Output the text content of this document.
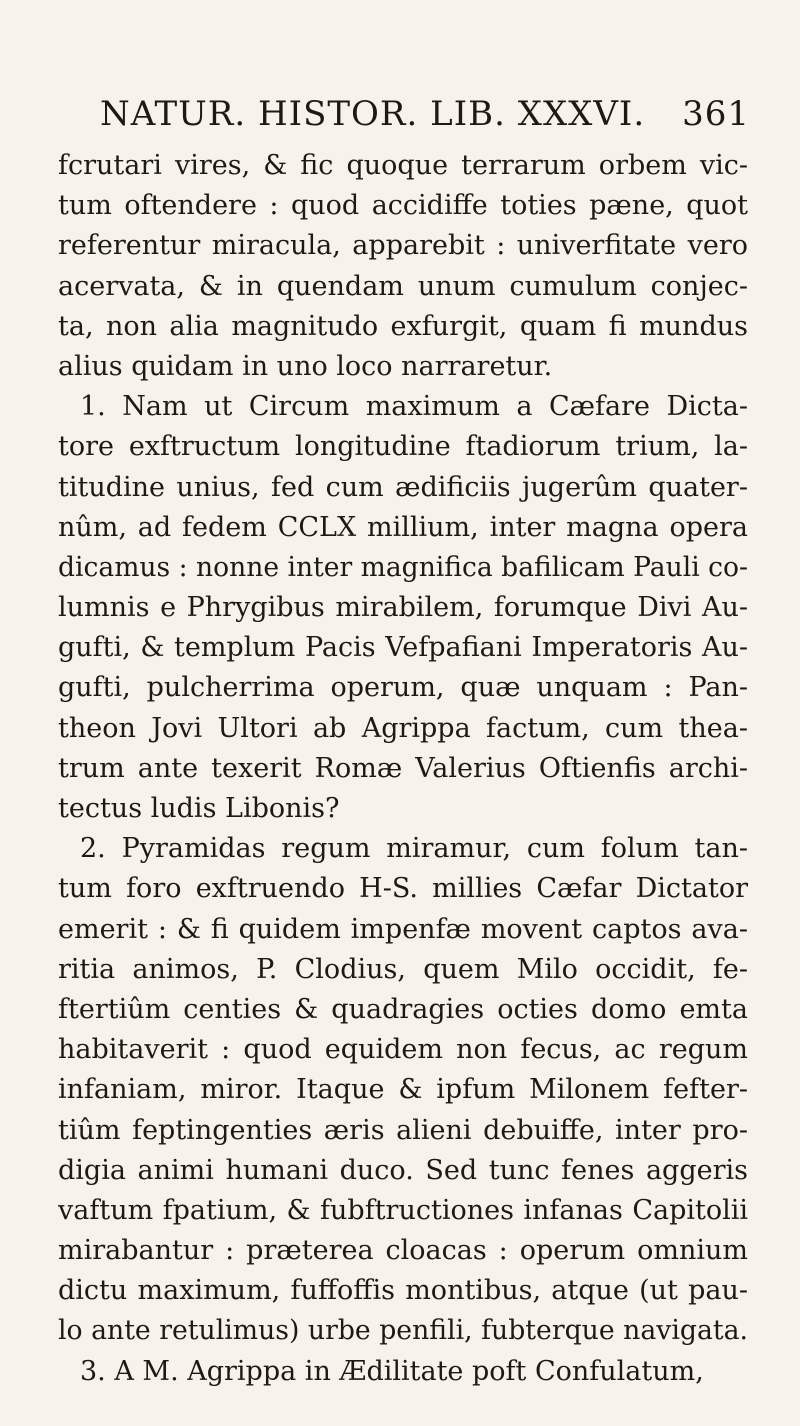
NATUR. HISTOR. LIB. XXXVI. 361
fcrutari vires, & fic quoque terrarum orbem vic-
tum oftendere : quod accidiffe toties pæne, quot
referentur miracula, apparebit : univerfitate vero
acervata, & in quendam unum cumulum conjec-
ta, non alia magnitudo exfurgit, quam fi mundus
alius quidam in uno loco narraretur.
1. Nam ut Circum maximum a Cæfare Dicta-
tore exftructum longitudine ftadiorum trium, la-
titudine unius, fed cum ædificiis jugerûm quater-
nûm, ad fedem CCLX millium, inter magna opera
dicamus : nonne inter magnifica bafilicam Pauli co-
lumnis e Phrygibus mirabilem, forumque Divi Au-
gufti, & templum Pacis Vefpafiani Imperatoris Au-
gufti, pulcherrima operum, quæ unquam : Pan-
theon Jovi Ultori ab Agrippa factum, cum thea-
trum ante texerit Romæ Valerius Oftienfis archi-
tectus ludis Libonis?
2. Pyramidas regum miramur, cum folum tan-
tum foro exftruendo H-S. millies Cæfar Dictator
emerit : & fi quidem impenfæ movent captos ava-
ritia animos, P. Clodius, quem Milo occidit, fe-
ftertiûm centies & quadragies octies domo emta
habitaverit : quod equidem non fecus, ac regum
infaniam, miror. Itaque & ipfum Milonem fefter-
tiûm feptingenties æris alieni debuiffe, inter pro-
digia animi humani duco. Sed tunc fenes aggeris
vaftum fpatium, & fubftructiones infanas Capitolii
mirabantur : præterea cloacas : operum omnium
dictu maximum, fuffoffis montibus, atque (ut pau-
lo ante retulimus) urbe penfili, fubterque navigata.
3. A M. Agrippa in Ædilitate poft Confulatum,
